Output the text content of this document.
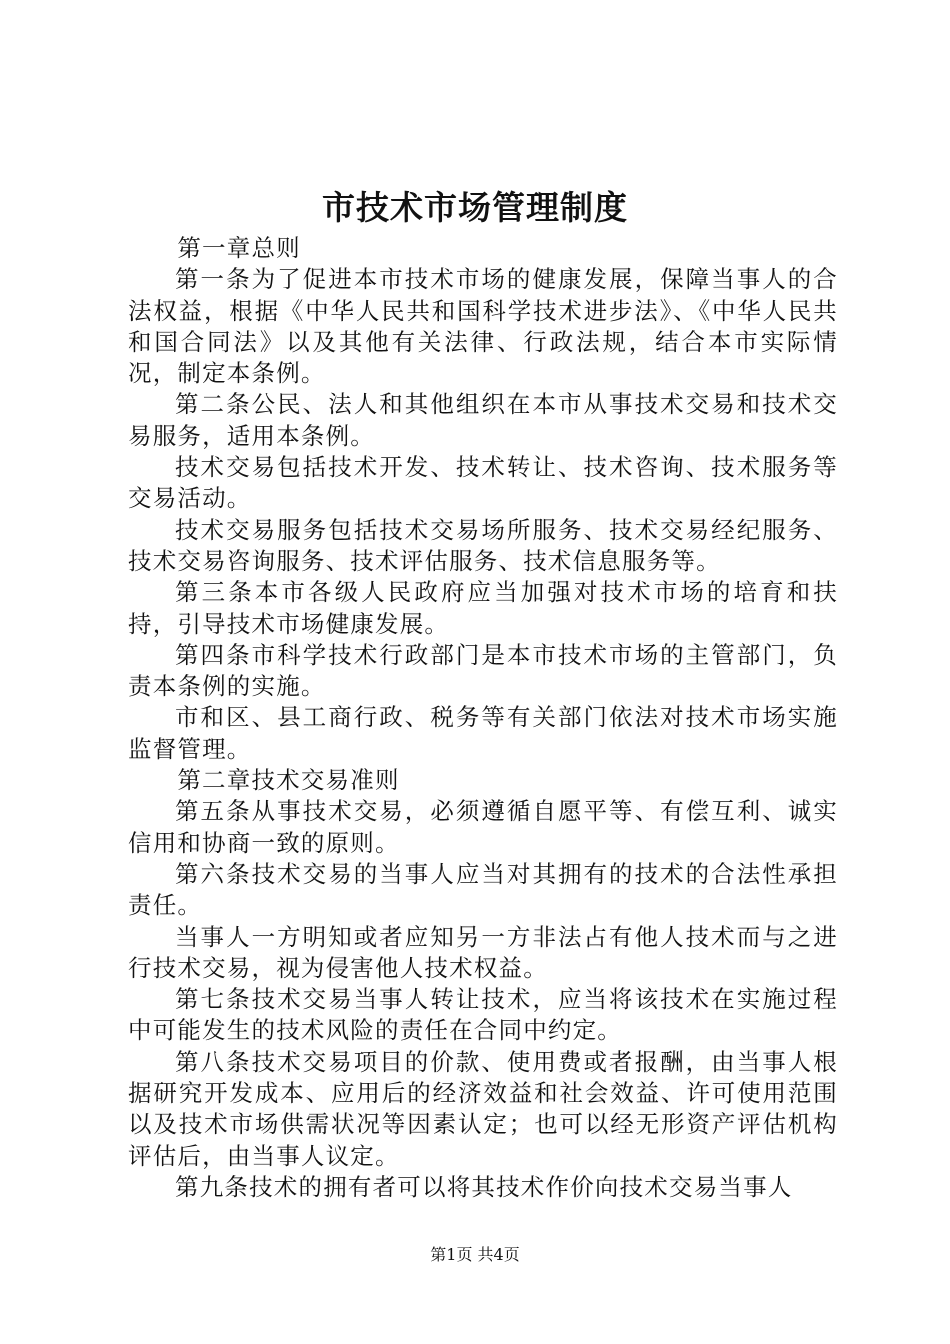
市技术市场管理制度

第一章总则

第一条为了促进本市技术市场的健康发展，保障当事人的合法权益，根据《中华人民共和国科学技术进步法》、《中华人民共和国合同法》以及其他有关法律、行政法规，结合本市实际情况，制定本条例。

第二条公民、法人和其他组织在本市从事技术交易和技术交易服务，适用本条例。

技术交易包括技术开发、技术转让、技术咨询、技术服务等交易活动。

技术交易服务包括技术交易场所服务、技术交易经纪服务、技术交易咨询服务、技术评估服务、技术信息服务等。

第三条本市各级人民政府应当加强对技术市场的培育和扶持，引导技术市场健康发展。

第四条市科学技术行政部门是本市技术市场的主管部门，负责本条例的实施。

市和区、县工商行政、税务等有关部门依法对技术市场实施监督管理。

第二章技术交易准则

第五条从事技术交易，必须遵循自愿平等、有偿互利、诚实信用和协商一致的原则。

第六条技术交易的当事人应当对其拥有的技术的合法性承担责任。

当事人一方明知或者应知另一方非法占有他人技术而与之进行技术交易，视为侵害他人技术权益。

第七条技术交易当事人转让技术，应当将该技术在实施过程中可能发生的技术风险的责任在合同中约定。

第八条技术交易项目的价款、使用费或者报酬，由当事人根据研究开发成本、应用后的经济效益和社会效益、许可使用范围以及技术市场供需状况等因素认定；也可以经无形资产评估机构评估后，由当事人议定。

第九条技术的拥有者可以将其技术作价向技术交易当事人

第1页 共4页
